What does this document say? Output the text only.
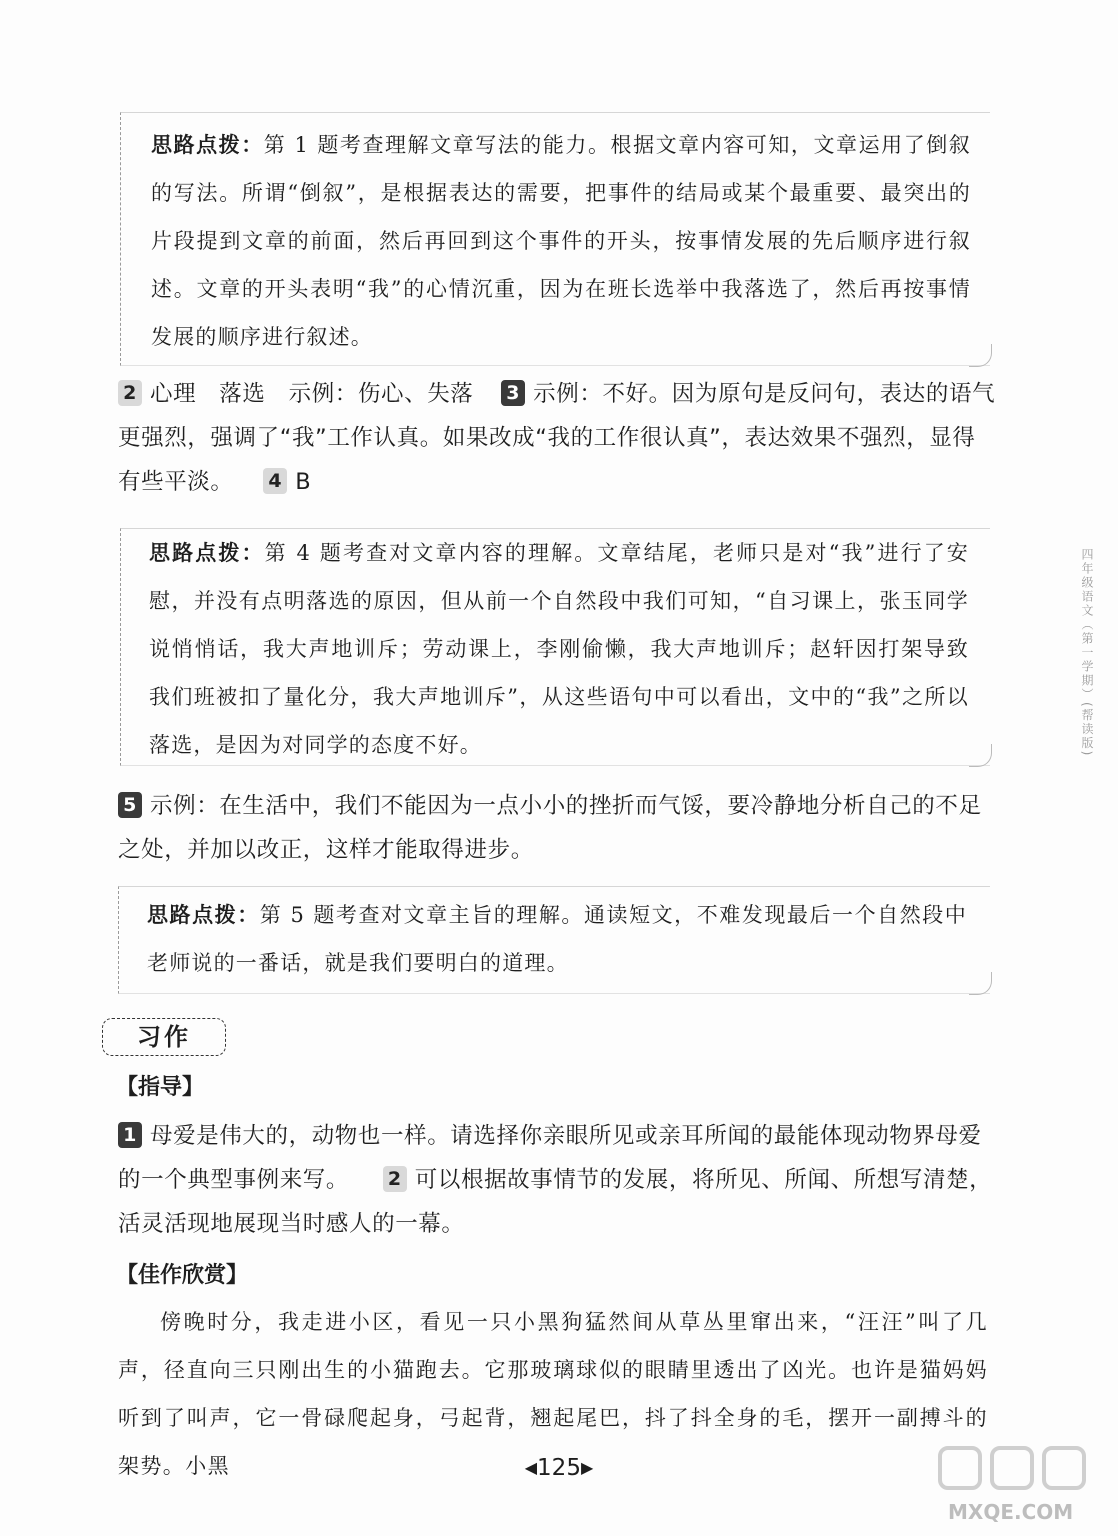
思路点拨：第 1 题考查理解文章写法的能力。根据文章内容可知，文章运用了倒叙的写法。所谓“倒叙”，是根据表达的需要，把事件的结局或某个最重要、最突出的片段提到文章的前面，然后再回到这个事件的开头，按事情发展的先后顺序进行叙述。文章的开头表明“我”的心情沉重，因为在班长选举中我落选了，然后再按事情发展的顺序进行叙述。

2 心理　落选　示例：伤心、失落 3 示例：不好。因为原句是反问句，表达的语气更强烈，强调了“我”工作认真。如果改成“我的工作很认真”，表达效果不强烈，显得有些平淡。 4 B

思路点拨：第 4 题考查对文章内容的理解。文章结尾，老师只是对“我”进行了安慰，并没有点明落选的原因，但从前一个自然段中我们可知，“自习课上，张玉同学说悄悄话，我大声地训斥；劳动课上，李刚偷懒，我大声地训斥；赵轩因打架导致我们班被扣了量化分，我大声地训斥”，从这些语句中可以看出，文中的“我”之所以落选，是因为对同学的态度不好。

5 示例：在生活中，我们不能因为一点小小的挫折而气馁，要冷静地分析自己的不足之处，并加以改正，这样才能取得进步。

思路点拨：第 5 题考查对文章主旨的理解。通读短文，不难发现最后一个自然段中老师说的一番话，就是我们要明白的道理。

习作
【指导】

1 母爱是伟大的，动物也一样。请选择你亲眼所见或亲耳所闻的最能体现动物界母爱的一个典型事例来写。 2 可以根据故事情节的发展，将所见、所闻、所想写清楚，活灵活现地展现当时感人的一幕。

【佳作欣赏】

傍晚时分，我走进小区，看见一只小黑狗猛然间从草丛里窜出来，“汪汪”叫了几声，径直向三只刚出生的小猫跑去。它那玻璃球似的眼睛里透出了凶光。也许是猫妈妈听到了叫声，它一骨碌爬起身，弓起背，翘起尾巴，抖了抖全身的毛，摆开一副搏斗的架势。小黑	◀125▶
四年级语文（第一学期）(帮读版)
MXQE.COM
